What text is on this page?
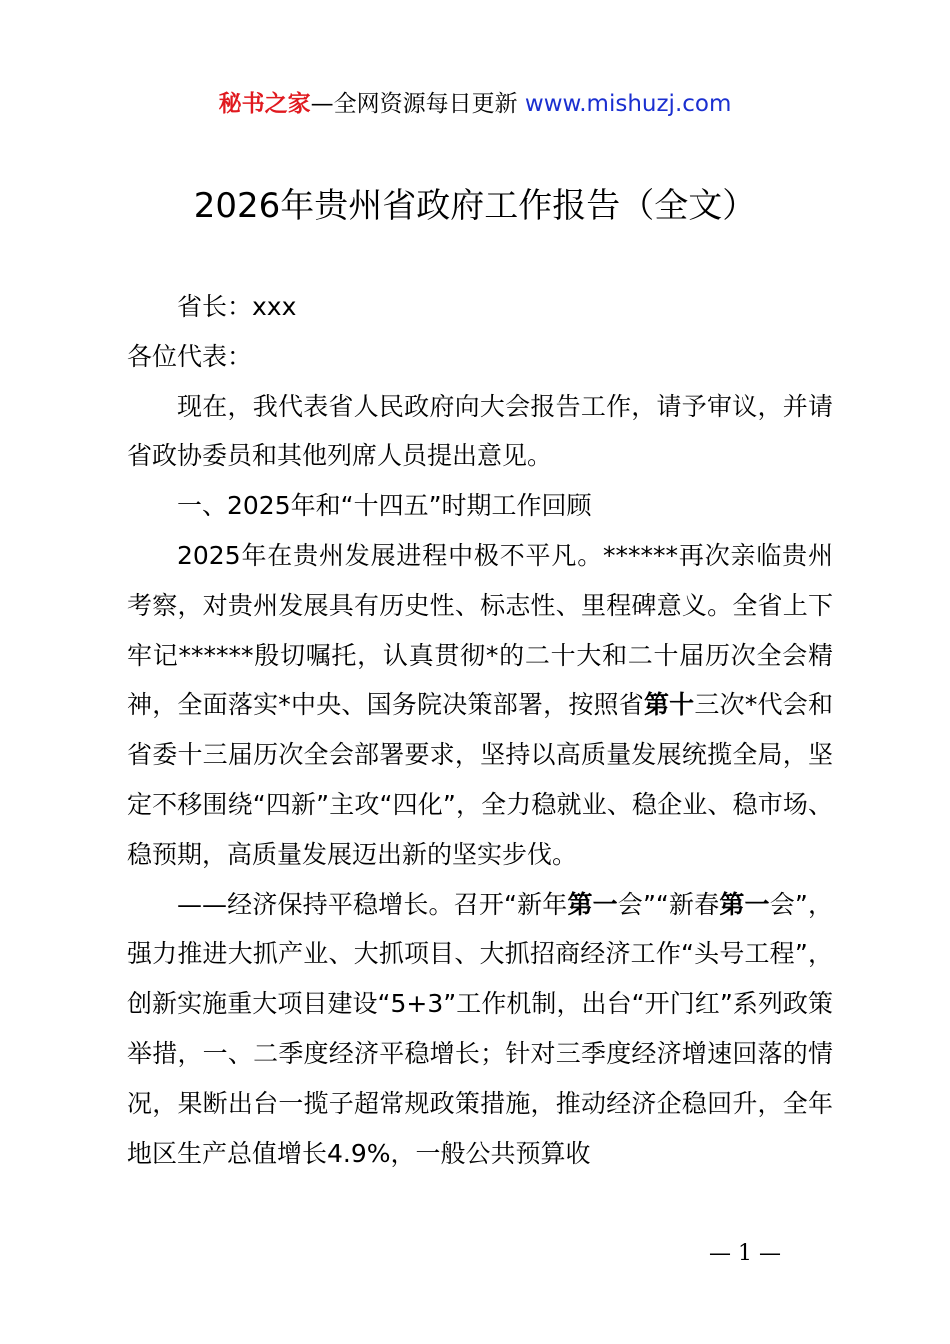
秘书之家—全网资源每日更新 www.mishuzj.com
2026年贵州省政府工作报告（全文）

省长：xxx

各位代表：

现在，我代表省人民政府向大会报告工作，请予审议，并请省政协委员和其他列席人员提出意见。

一、2025年和“十四五”时期工作回顾

2025年在贵州发展进程中极不平凡。******再次亲临贵州考察，对贵州发展具有历史性、标志性、里程碑意义。全省上下牢记******殷切嘱托，认真贯彻*的二十大和二十届历次全会精神，全面落实*中央、国务院决策部署，按照省第十三次*代会和省委十三届历次全会部署要求，坚持以高质量发展统揽全局，坚定不移围绕“四新”主攻“四化”，全力稳就业、稳企业、稳市场、稳预期，高质量发展迈出新的坚实步伐。

——经济保持平稳增长。召开“新年第一会”“新春第一会”，强力推进大抓产业、大抓项目、大抓招商经济工作“头号工程”，创新实施重大项目建设“5+3”工作机制，出台“开门红”系列政策举措，一、二季度经济平稳增长；针对三季度经济增速回落的情况，果断出台一揽子超常规政策措施，推动经济企稳回升，全年地区生产总值增长4.9%，一般公共预算收

— 1 —
